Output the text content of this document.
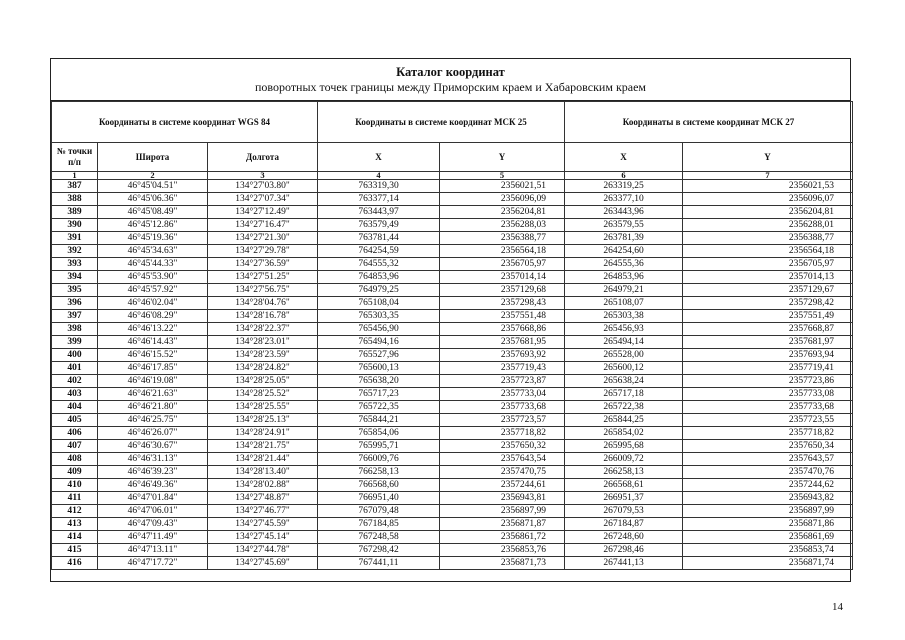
Каталог координат
поворотных точек границы между Приморским краем и Хабаровским краем
Координаты в системе координат WGS 84			Координаты в системе координат МСК 25		Координаты в системе координат МСК 27	
№ точки п/п	Широта	Долгота	X	Y	X	Y
1	2	3	4	5	6	7
387	46°45'04.51"	134°27'03.80"	763319,30	2356021,51	263319,25	2356021,53
388	46°45'06.36"	134°27'07.34"	763377,14	2356096,09	263377,10	2356096,07
389	46°45'08.49"	134°27'12.49"	763443,97	2356204,81	263443,96	2356204,81
390	46°45'12.86"	134°27'16.47"	763579,49	2356288,03	263579,55	2356288,01
391	46°45'19.36"	134°27'21.30"	763781,44	2356388,77	263781,39	2356388,77
392	46°45'34.63"	134°27'29.78"	764254,59	2356564,18	264254,60	2356564,18
393	46°45'44.33"	134°27'36.59"	764555,32	2356705,97	264555,36	2356705,97
394	46°45'53.90"	134°27'51.25"	764853,96	2357014,14	264853,96	2357014,13
395	46°45'57.92"	134°27'56.75"	764979,25	2357129,68	264979,21	2357129,67
396	46°46'02.04"	134°28'04.76"	765108,04	2357298,43	265108,07	2357298,42
397	46°46'08.29"	134°28'16.78"	765303,35	2357551,48	265303,38	2357551,49
398	46°46'13.22"	134°28'22.37"	765456,90	2357668,86	265456,93	2357668,87
399	46°46'14.43"	134°28'23.01"	765494,16	2357681,95	265494,14	2357681,97
400	46°46'15.52"	134°28'23.59"	765527,96	2357693,92	265528,00	2357693,94
401	46°46'17.85"	134°28'24.82"	765600,13	2357719,43	265600,12	2357719,41
402	46°46'19.08"	134°28'25.05"	765638,20	2357723,87	265638,24	2357723,86
403	46°46'21.63"	134°28'25.52"	765717,23	2357733,04	265717,18	2357733,08
404	46°46'21.80"	134°28'25.55"	765722,35	2357733,68	265722,38	2357733,68
405	46°46'25.75"	134°28'25.13"	765844,21	2357723,57	265844,25	2357723,55
406	46°46'26.07"	134°28'24.91"	765854,06	2357718,82	265854,02	2357718,82
407	46°46'30.67"	134°28'21.75"	765995,71	2357650,32	265995,68	2357650,34
408	46°46'31.13"	134°28'21.44"	766009,76	2357643,54	266009,72	2357643,57
409	46°46'39.23"	134°28'13.40"	766258,13	2357470,75	266258,13	2357470,76
410	46°46'49.36"	134°28'02.88"	766568,60	2357244,61	266568,61	2357244,62
411	46°47'01.84"	134°27'48.87"	766951,40	2356943,81	266951,37	2356943,82
412	46°47'06.01"	134°27'46.77"	767079,48	2356897,99	267079,53	2356897,99
413	46°47'09.43"	134°27'45.59"	767184,85	2356871,87	267184,87	2356871,86
414	46°47'11.49"	134°27'45.14"	767248,58	2356861,72	267248,60	2356861,69
415	46°47'13.11"	134°27'44.78"	767298,42	2356853,76	267298,46	2356853,74
416	46°47'17.72"	134°27'45.69"	767441,11	2356871,73	267441,13	2356871,74
14
